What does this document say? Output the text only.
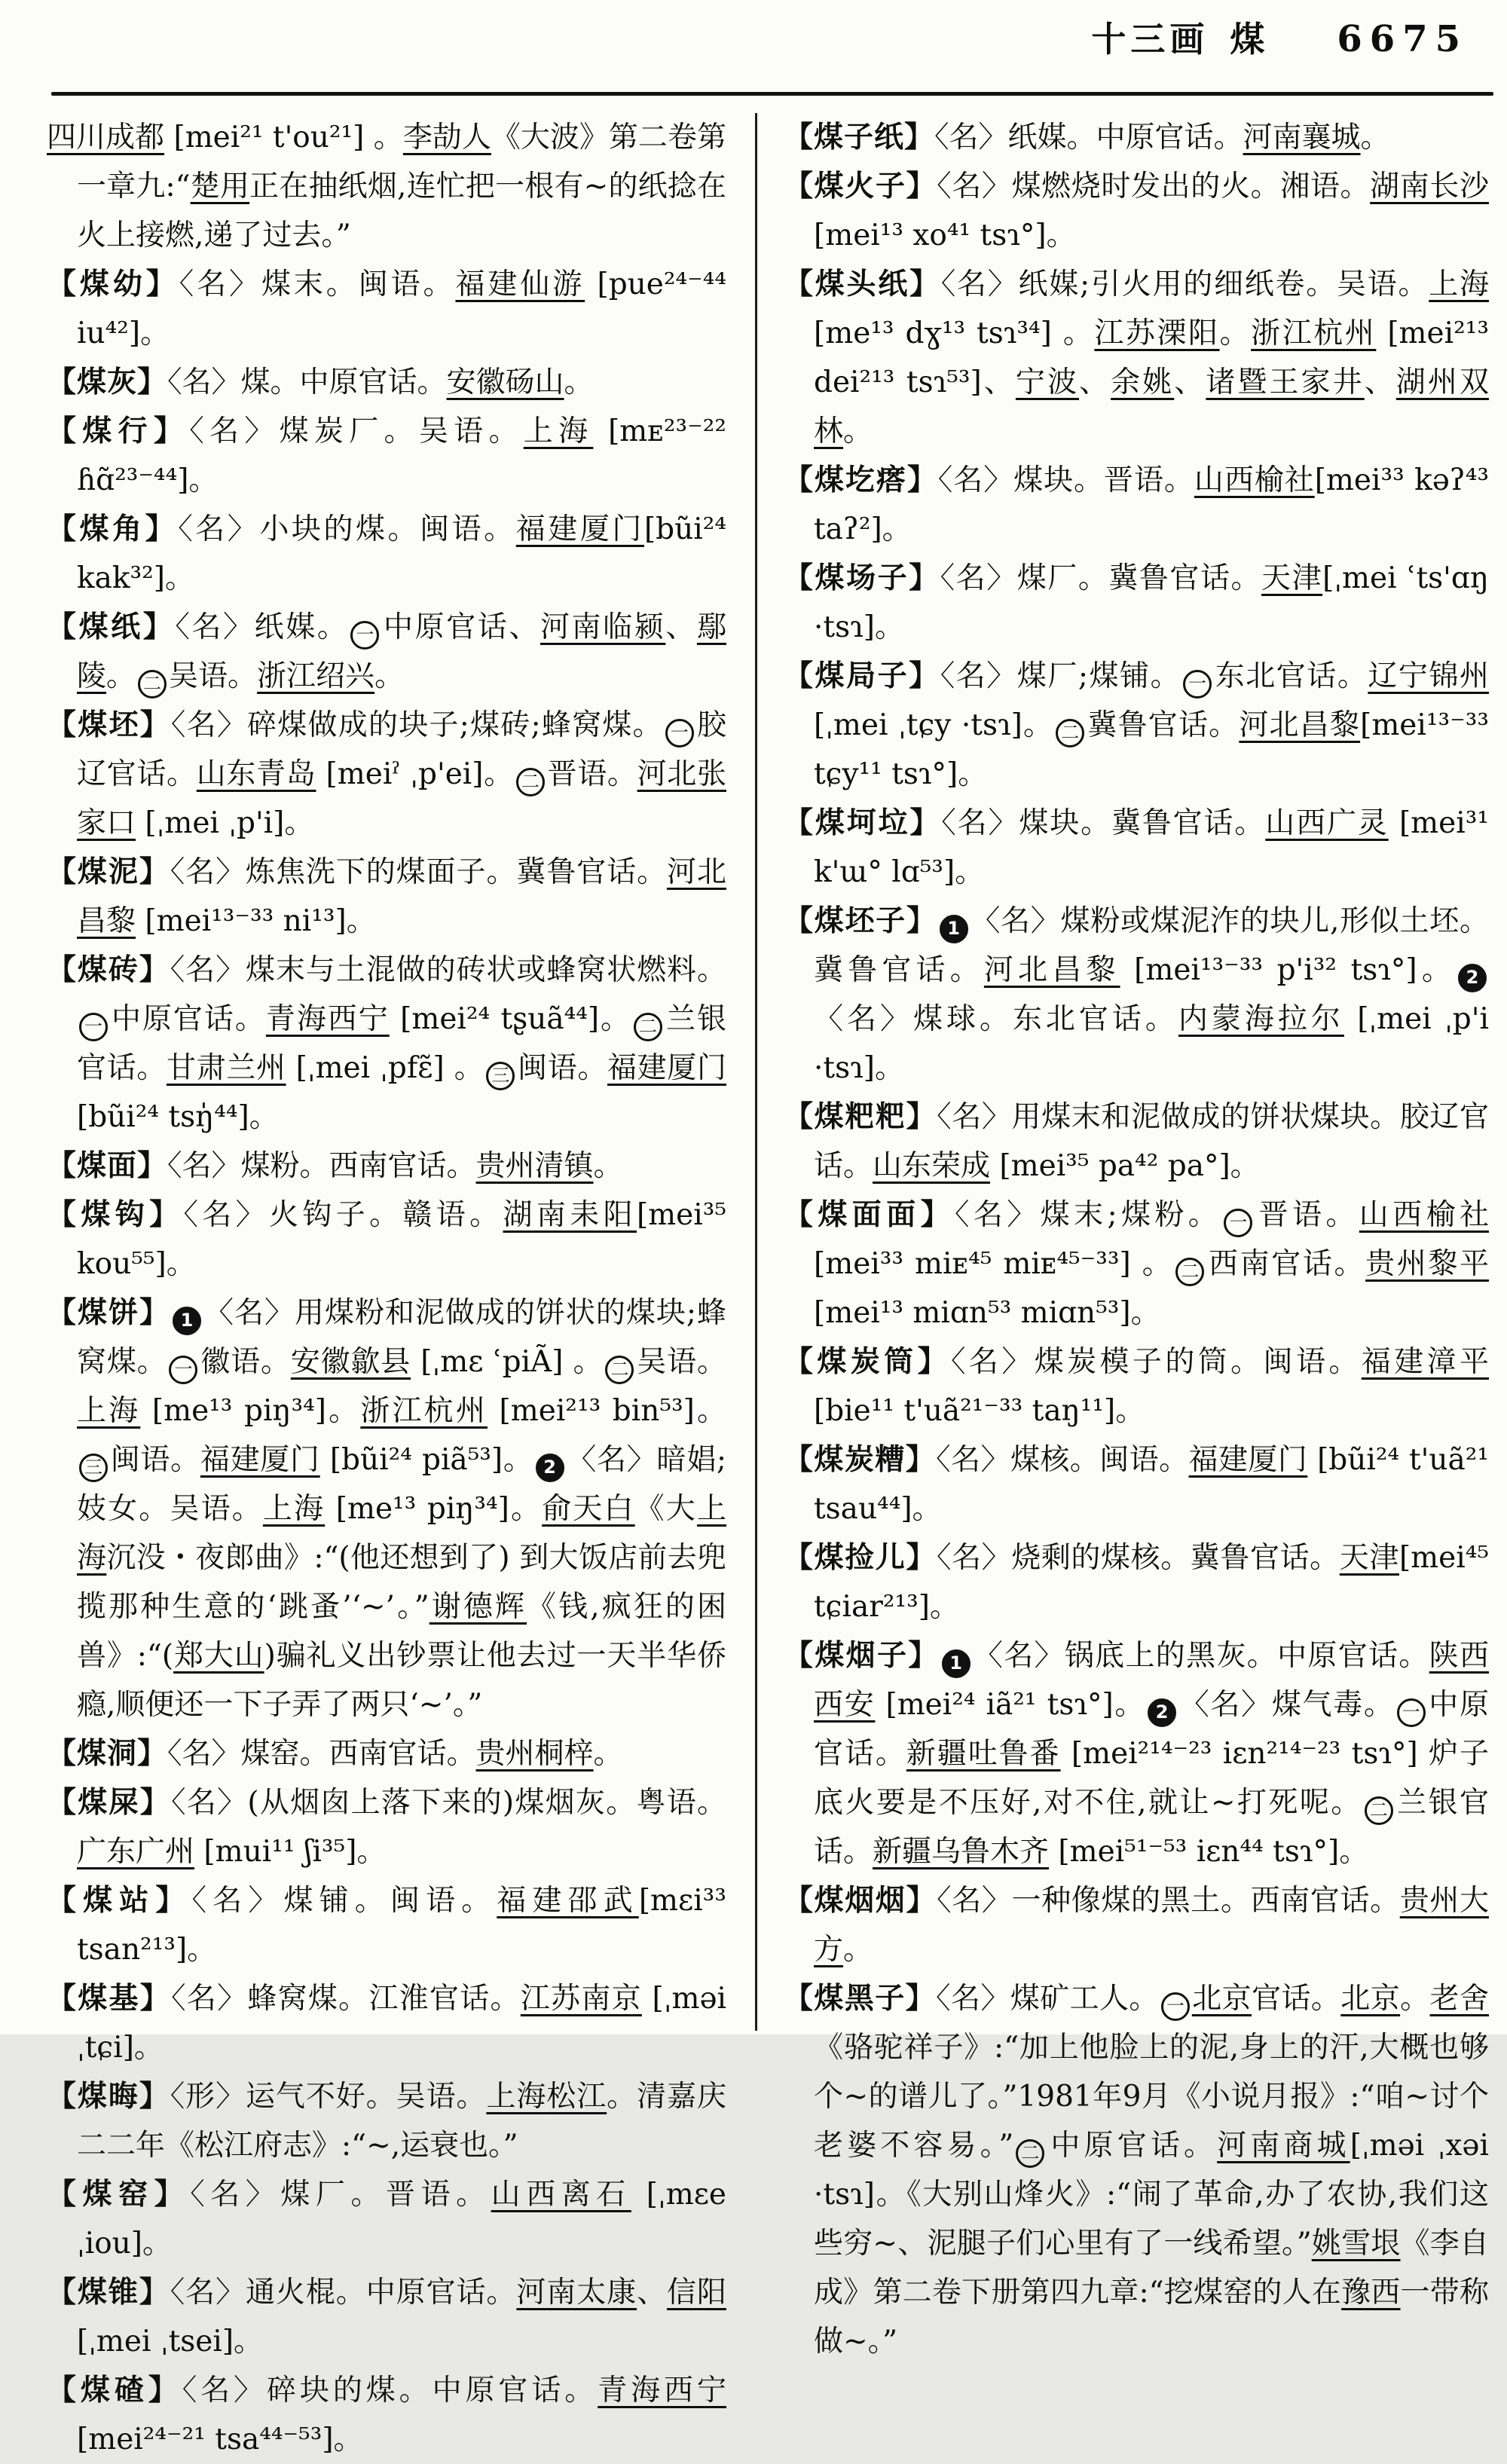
十三画 煤 6675

四川成都 [mei²¹ t'ou²¹] 。李劼人《大波》第二卷第一章九:“楚用正在抽纸烟,连忙把一根有~的纸捻在火上接燃,递了过去。”

【煤幼】〈名〉煤末。闽语。福建仙游 [pue²⁴⁻⁴⁴ iu⁴²]。

【煤灰】〈名〉煤。中原官话。安徽砀山。

【煤行】〈名〉煤炭厂。吴语。上海 [mᴇ²³⁻²² ɦɑ̃²³⁻⁴⁴]。

【煤角】〈名〉小块的煤。闽语。福建厦门[bũi²⁴ kak³²]。

【煤纸】〈名〉纸媒。 一 中原官话、河南临颍、鄢陵。 二 吴语。浙江绍兴。

【煤坯】〈名〉碎煤做成的块子;煤砖;蜂窝煤。 一 胶辽官话。山东青岛 [meiˀ ˌp'ei]。 二 晋语。河北张家口 [ˌmei ˌp'i]。

【煤泥】〈名〉炼焦洗下的煤面子。冀鲁官话。河北昌黎 [mei¹³⁻³³ ni¹³]。

【煤砖】〈名〉煤末与土混做的砖状或蜂窝状燃料。一 中原官话。青海西宁 [mei²⁴ tʂuã⁴⁴]。 二 兰银官话。甘肃兰州 [ˌmei ˌpfɛ̃] 。 三 闽语。福建厦门[bũi²⁴ tsŋ̍⁴⁴]。

【煤面】〈名〉煤粉。西南官话。贵州清镇。

【煤钩】〈名〉火钩子。赣语。湖南耒阳[mei³⁵ kou⁵⁵]。

【煤饼】 1 〈名〉用煤粉和泥做成的饼状的煤块;蜂窝煤。 一 徽语。安徽歙县 [ˌmɛ ʿpiÃ] 。 二 吴语。上海 [me¹³ piŋ³⁴]。浙江杭州 [mei²¹³ bin⁵³]。三 闽语。福建厦门 [bũi²⁴ piã⁵³]。 2 〈名〉暗娼;妓女。吴语。上海 [me¹³ piŋ³⁴]。俞天白《大上海沉没・夜郎曲》:“(他还想到了) 到大饭店前去兜揽那种生意的‘跳蚤’‘~’。”谢德辉《钱,疯狂的困兽》:“(郑大山)骗礼义出钞票让他去过一天半华侨瘾,顺便还一下子弄了两只‘~’。”

【煤洞】〈名〉煤窑。西南官话。贵州桐梓。

【煤屎】〈名〉(从烟囱上落下来的)煤烟灰。粤语。广东广州 [mui¹¹ ʃi³⁵]。

【煤站】〈名〉煤铺。闽语。福建邵武[mɛi³³ tsan²¹³]。

【煤基】〈名〉蜂窝煤。江淮官话。江苏南京 [ˌməi ˌtɕi]。

【煤晦】〈形〉运气不好。吴语。上海松江。清嘉庆二二年《松江府志》:“~,运衰也。”

【煤窑】〈名〉煤厂。晋语。山西离石 [ˌmɛe ˌiou]。

【煤锥】〈名〉通火棍。中原官话。河南太康、信阳 [ˌmei ˌtsei]。

【煤碴】〈名〉碎块的煤。中原官话。青海西宁 [mei²⁴⁻²¹ tsa⁴⁴⁻⁵³]。

【煤子纸】〈名〉纸媒。中原官话。河南襄城。

【煤火子】〈名〉煤燃烧时发出的火。湘语。湖南长沙 [mei¹³ xo⁴¹ tsɿ°]。

【煤头纸】〈名〉纸媒;引火用的细纸卷。吴语。上海 [me¹³ dɣ¹³ tsɿ³⁴] 。江苏溧阳。浙江杭州 [mei²¹³ dei²¹³ tsɿ⁵³]、宁波、余姚、诸暨王家井、湖州双林。

【煤圪瘩】〈名〉煤块。晋语。山西榆社[mei³³ kəʔ⁴³ taʔ²]。

【煤场子】〈名〉煤厂。冀鲁官话。天津[ˌmei ʿts'ɑŋ ·tsɿ]。

【煤局子】〈名〉煤厂;煤铺。 一 东北官话。辽宁锦州 [ˌmei ˌtɕy ·tsɿ]。 二 冀鲁官话。河北昌黎[mei¹³⁻³³ tɕy¹¹ tsɿ°]。

【煤坷垃】〈名〉煤块。冀鲁官话。山西广灵 [mei³¹ k'ɯ° lɑ⁵³]。

【煤坯子】 1 〈名〉煤粉或煤泥泎的块儿,形似土坯。冀鲁官话。河北昌黎 [mei¹³⁻³³ p'i³² tsɿ°]。 2〈名〉煤球。东北官话。内蒙海拉尔 [ˌmei ˌp'i ·tsɿ]。

【煤粑粑】〈名〉用煤末和泥做成的饼状煤块。胶辽官话。山东荣成 [mei³⁵ pa⁴² pa°]。

【煤面面】〈名〉煤末;煤粉。 一 晋语。山西榆社[mei³³ miᴇ⁴⁵ miᴇ⁴⁵⁻³³] 。 二 西南官话。贵州黎平 [mei¹³ miɑn⁵³ miɑn⁵³]。

【煤炭筒】〈名〉煤炭模子的筒。闽语。福建漳平[bie¹¹ t'uã²¹⁻³³ taŋ¹¹]。

【煤炭糟】〈名〉煤核。闽语。福建厦门 [bũi²⁴ t'uã²¹ tsau⁴⁴]。

【煤捡儿】〈名〉烧剩的煤核。冀鲁官话。天津[mei⁴⁵ tɕiar²¹³]。

【煤烟子】 1 〈名〉锅底上的黑灰。中原官话。陕西西安 [mei²⁴ iã²¹ tsɿ°]。 2 〈名〉煤气毒。 一 中原官话。新疆吐鲁番 [mei²¹⁴⁻²³ iɛn²¹⁴⁻²³ tsɿ°] 炉子底火要是不压好,对不住,就让~打死呢。 二 兰银官话。新疆乌鲁木齐 [mei⁵¹⁻⁵³ iɛn⁴⁴ tsɿ°]。

【煤烟烟】〈名〉一种像煤的黑土。西南官话。贵州大方。

【煤黑子】〈名〉煤矿工人。 一 北京官话。北京。老舍《骆驼祥子》:“加上他脸上的泥,身上的汗,大概也够个~的谱儿了。”1981年9月《小说月报》:“咱~讨个老婆不容易。” 二 中原官话。河南商城[ˌməi ˌxəi ·tsɿ]。《大别山烽火》:“闹了革命,办了农协,我们这些穷~、泥腿子们心里有了一线希望。”姚雪垠《李自成》第二卷下册第四九章:“挖煤窑的人在豫西一带称做~。”
